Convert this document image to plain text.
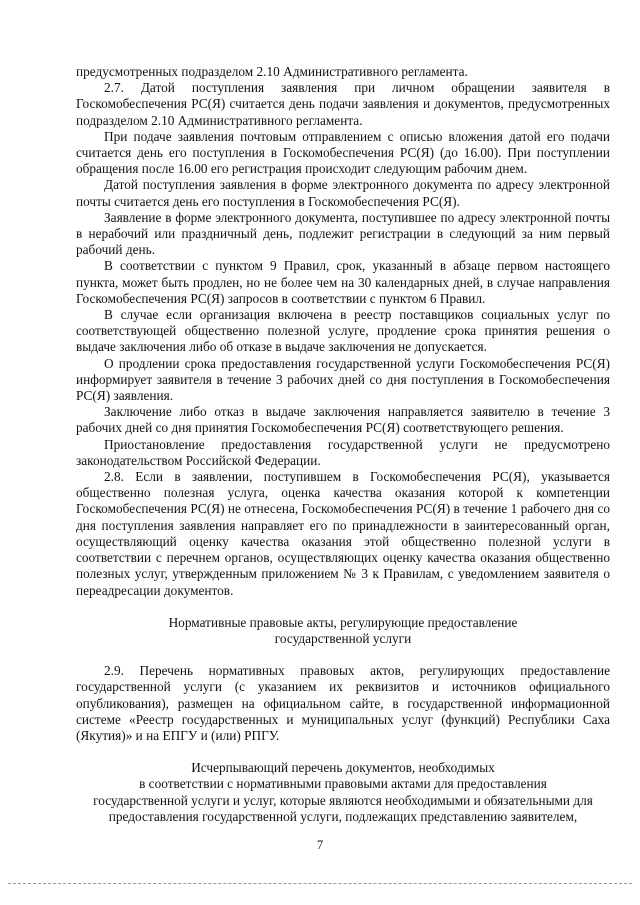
предусмотренных подразделом 2.10 Административного регламента.

2.7. Датой поступления заявления при личном обращении заявителя в Госкомобеспечения РС(Я) считается день подачи заявления и документов, предусмотренных подразделом 2.10 Административного регламента.

При подаче заявления почтовым отправлением с описью вложения датой его подачи считается день его поступления в Госкомобеспечения РС(Я) (до 16.00). При поступлении обращения после 16.00 его регистрация происходит следующим рабочим днем.

Датой поступления заявления в форме электронного документа по адресу электронной почты считается день его поступления в Госкомобеспечения РС(Я).

Заявление в форме электронного документа, поступившее по адресу электронной почты в нерабочий или праздничный день, подлежит регистрации в следующий за ним первый рабочий день.

В соответствии с пунктом 9 Правил, срок, указанный в абзаце первом настоящего пункта, может быть продлен, но не более чем на 30 календарных дней, в случае направления Госкомобеспечения РС(Я) запросов в соответствии с пунктом 6 Правил.

В случае если организация включена в реестр поставщиков социальных услуг по соответствующей общественно полезной услуге, продление срока принятия решения о выдаче заключения либо об отказе в выдаче заключения не допускается.

О продлении срока предоставления государственной услуги Госкомобеспечения РС(Я) информирует заявителя в течение 3 рабочих дней со дня поступления в Госкомобеспечения РС(Я) заявления.

Заключение либо отказ в выдаче заключения направляется заявителю в течение 3 рабочих дней со дня принятия Госкомобеспечения РС(Я) соответствующего решения.

Приостановление предоставления государственной услуги не предусмотрено законодательством Российской Федерации.

2.8. Если в заявлении, поступившем в Госкомобеспечения РС(Я), указывается общественно полезная услуга, оценка качества оказания которой к компетенции Госкомобеспечения РС(Я) не отнесена, Госкомобеспечения РС(Я) в течение 1 рабочего дня со дня поступления заявления направляет его по принадлежности в заинтересованный орган, осуществляющий оценку качества оказания этой общественно полезной услуги в соответствии с перечнем органов, осуществляющих оценку качества оказания общественно полезных услуг, утвержденным приложением № 3 к Правилам, с уведомлением заявителя о переадресации документов.

Нормативные правовые акты, регулирующие предоставление
государственной услуги

2.9. Перечень нормативных правовых актов, регулирующих предоставление государственной услуги (с указанием их реквизитов и источников официального опубликования), размещен на официальном сайте, в государственной информационной системе «Реестр государственных и муниципальных услуг (функций) Республики Саха (Якутия)» и на ЕПГУ и (или) РПГУ.

Исчерпывающий перечень документов, необходимых
в соответствии с нормативными правовыми актами для предоставления
государственной услуги и услуг, которые являются необходимыми и обязательными для
предоставления государственной услуги, подлежащих представлению заявителем,
7
